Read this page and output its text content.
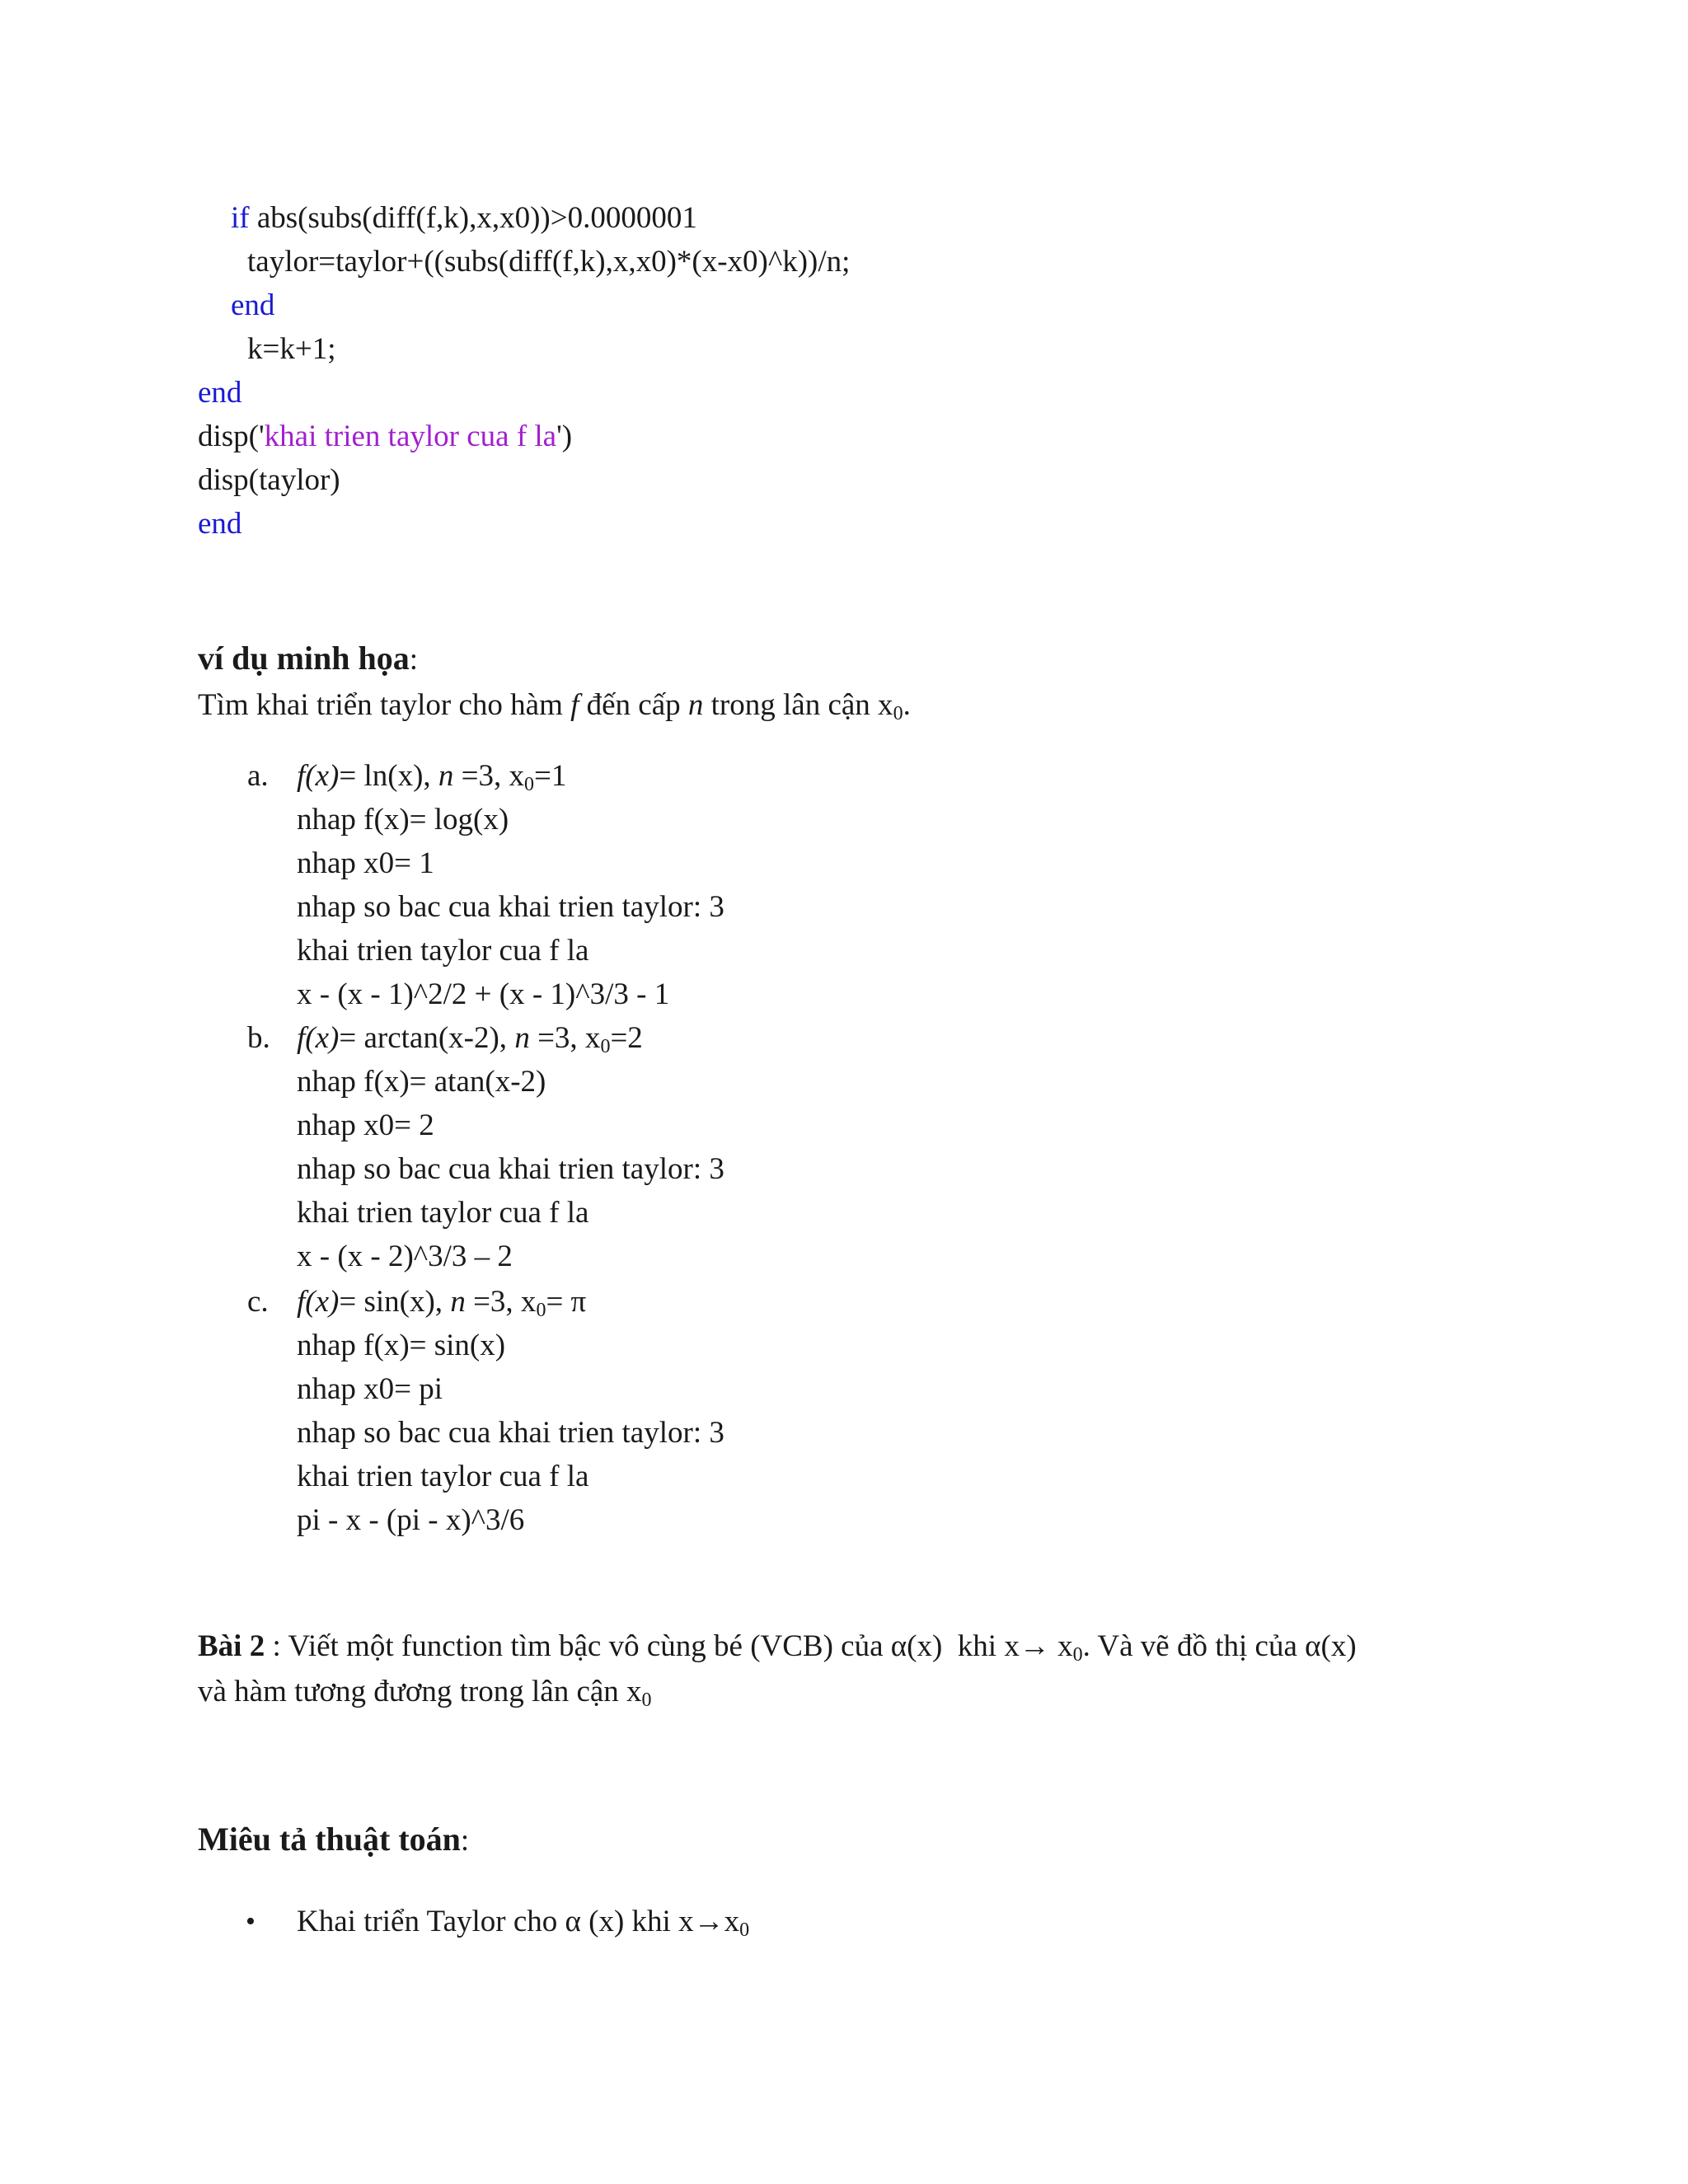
if abs(subs(diff(f,k),x,x0))>0.0000001
taylor=taylor+((subs(diff(f,k),x,x0)*(x-x0)^k))/n;
end
k=k+1;
end
disp('khai trien taylor cua f la')
disp(taylor)
end
ví dụ minh họa:
Tìm khai triển taylor cho hàm f đến cấp n trong lân cận $x_0$.
a. f(x)= ln(x), n =3, $x_0=1$
nhap f(x)= log(x)
nhap x0= 1
nhap so bac cua khai trien taylor: 3
khai trien taylor cua f la
x - (x - 1)^2/2 + (x - 1)^3/3 - 1
b. f(x)= arctan(x-2), n =3, $x_0=2$
nhap f(x)= atan(x-2)
nhap x0= 2
nhap so bac cua khai trien taylor: 3
khai trien taylor cua f la
x - (x - 2)^3/3 – 2
c. f(x)= sin(x), n =3, $x_0= \pi$
nhap f(x)= sin(x)
nhap x0= pi
nhap so bac cua khai trien taylor: 3
khai trien taylor cua f la
pi - x - (pi - x)^3/6
Bài 2 : Viết một function tìm bậc vô cùng bé (VCB) của α(x)  khi $x\to x_0$. Và vẽ đồ thị của α(x)
và hàm tương đương trong lân cận $x_0$
Miêu tả thuật toán:
• Khai triển Taylor cho α (x) khi $x\to x_0$
